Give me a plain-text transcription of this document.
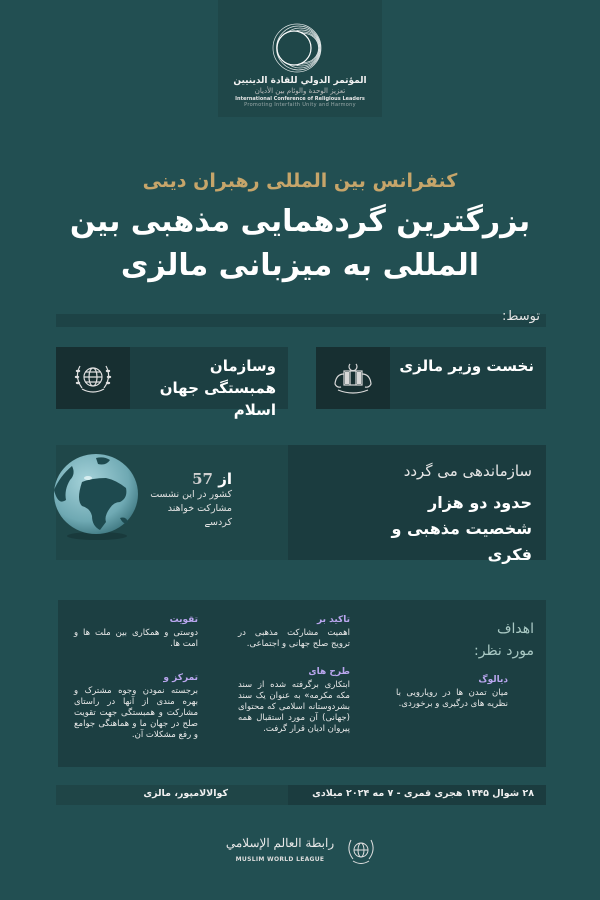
المؤتمر الدولي للقادة الدينيين
تعزيز الوحدة والوئام بين الأديان
International Conference of Religious Leaders
Promoting Interfaith Unity and Harmony
کنفرانس بین المللی رهبران دینی
بزرگترین گردهمایی مذهبی بین المللی به میزبانی مالزی
توسط:
نخست وزیر مالزی
وسازمان همبستگی جهان اسلام
از 57
کشور در این نشست مشارکت خواهند کردسے
سازماندهی می گردد
حدود دو هزار شخصیت مذهبی و فکری
اهداف
مورد نظر:
دیالوگ
میان تمدن ها در رویارویی با نظریه های درگیری و برخوردی.
تاکید بر
اهمیت مشارکت مذهبی در ترویج صلح جهانی و اجتماعی.
طرح های
ابتکاری برگرفته شده از سند مکه مکرمه» به عنوان یک سند بشردوستانه اسلامی که محتوای (جهانی) آن مورد استقبال همه پیروان ادیان قرار گرفت.
تقویت
دوستی و همکاری بین ملت ها و امت ها.
تمرکز و
برجسته نمودن وجوه مشترک و بهره مندی از آنها در راستای مشارکت و همبستگی جهت تقویت صلح در جهان ما و هماهنگی جوامع و رفع مشکلات آن.
۲۸ شوال ۱۴۴۵ هجری قمری - ۷ مه ۲۰۲۴ میلادی
کوالالامپور، مالزی
رابطة العالم الإسلامي
MUSLIM WORLD LEAGUE
